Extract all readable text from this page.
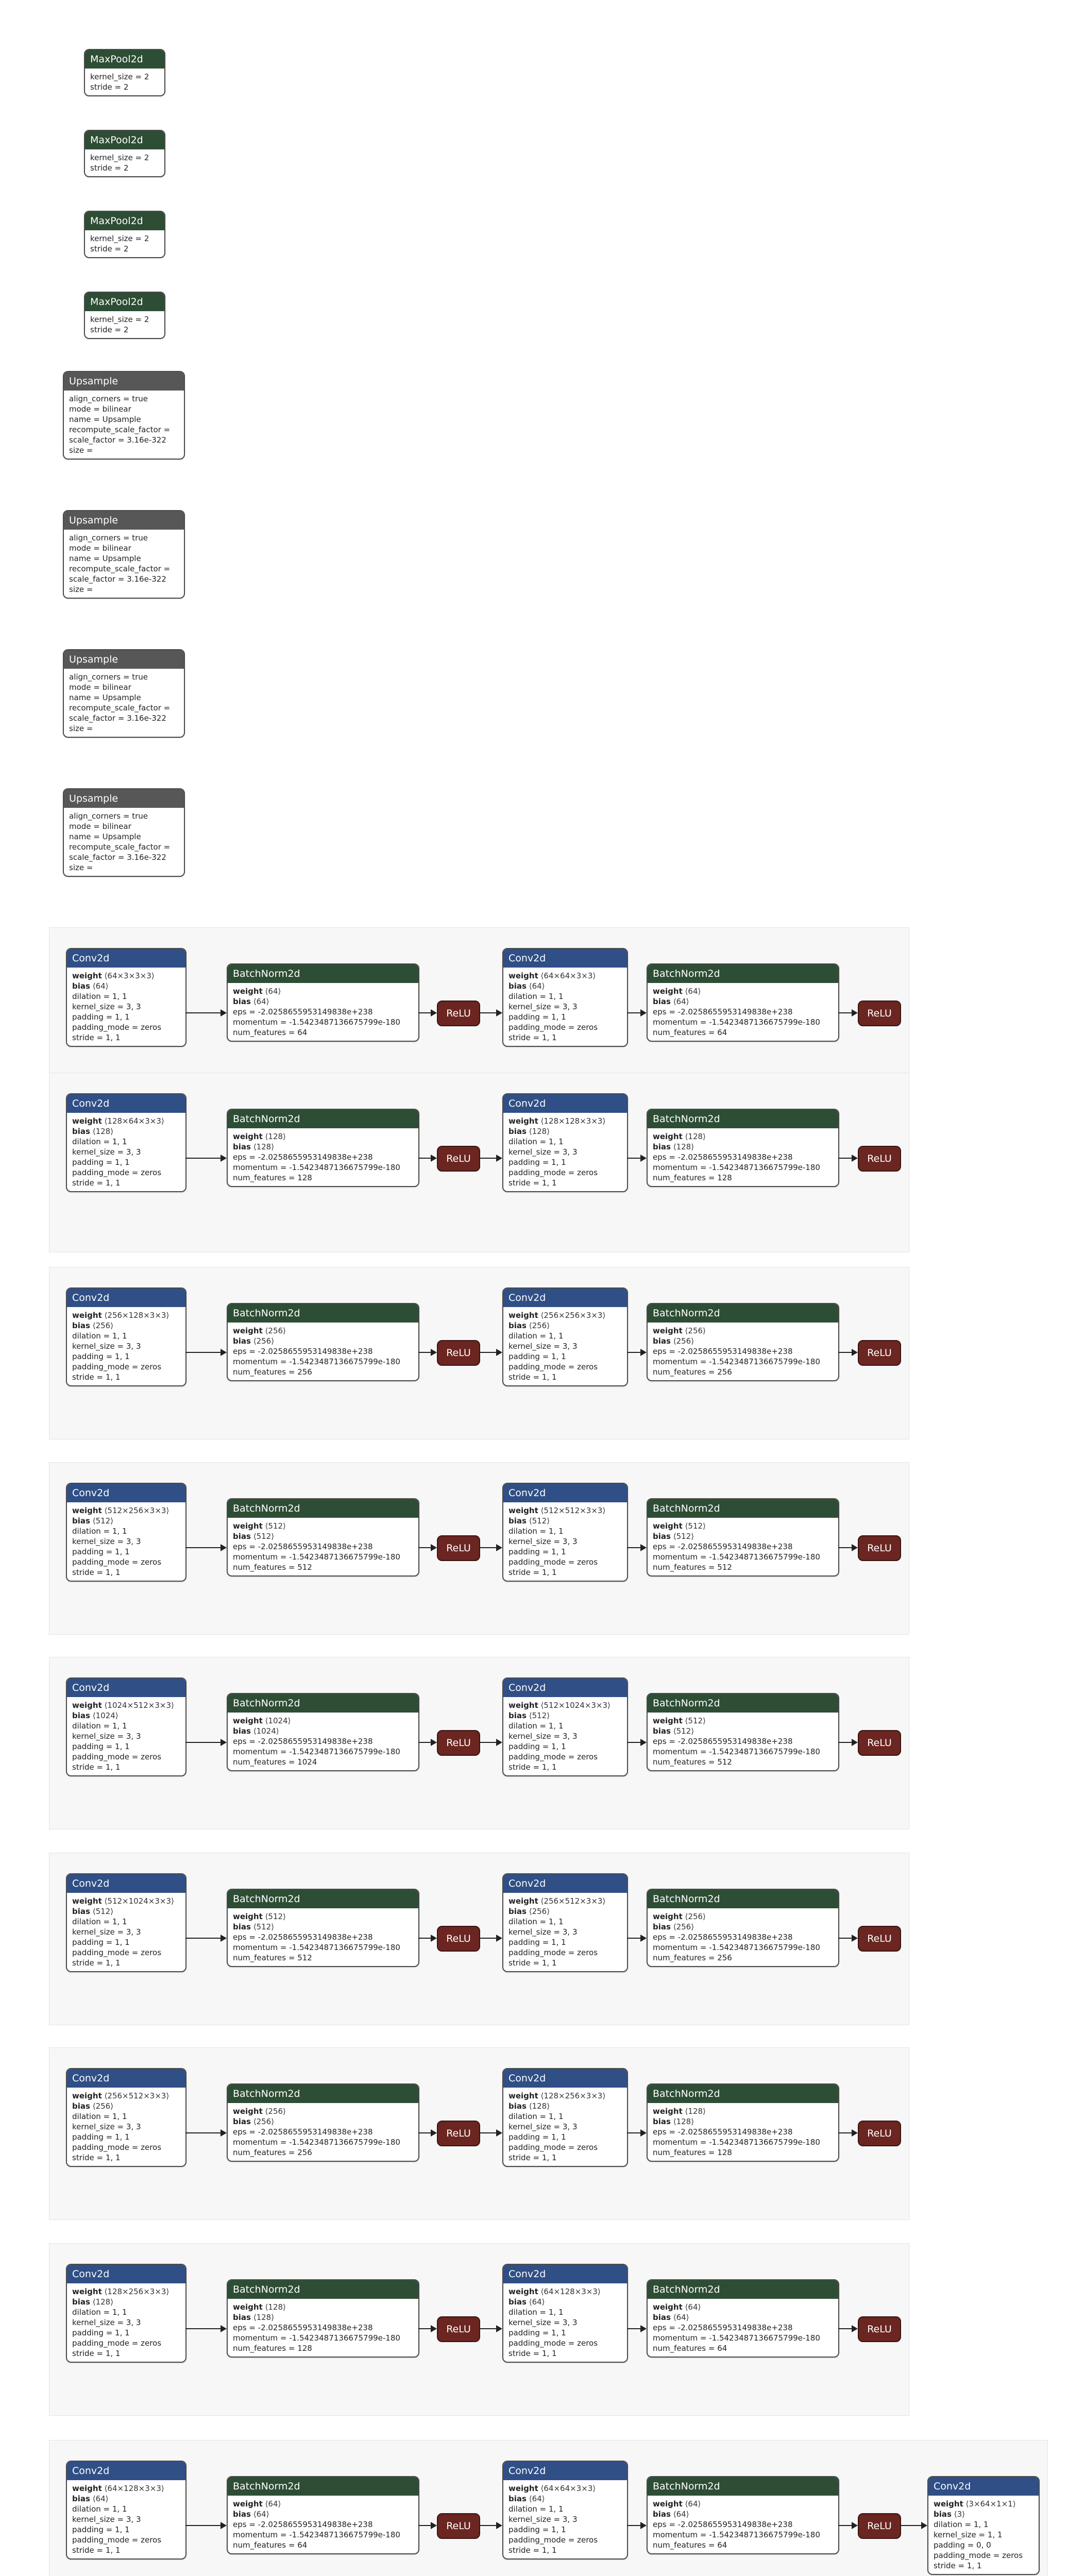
MaxPool2d
kernel_size = 2
stride = 2
MaxPool2d
kernel_size = 2
stride = 2
MaxPool2d
kernel_size = 2
stride = 2
MaxPool2d
kernel_size = 2
stride = 2
Upsample
align_corners = true
mode = bilinear
name = Upsample
recompute_scale_factor =
scale_factor = 3.16e-322
size =
Upsample
align_corners = true
mode = bilinear
name = Upsample
recompute_scale_factor =
scale_factor = 3.16e-322
size =
Upsample
align_corners = true
mode = bilinear
name = Upsample
recompute_scale_factor =
scale_factor = 3.16e-322
size =
Upsample
align_corners = true
mode = bilinear
name = Upsample
recompute_scale_factor =
scale_factor = 3.16e-322
size =
Conv2d
weight ⟨64×3×3×3⟩
bias ⟨64⟩
dilation = 1, 1
kernel_size = 3, 3
padding = 1, 1
padding_mode = zeros
stride = 1, 1
BatchNorm2d
weight ⟨64⟩
bias ⟨64⟩
eps = -2.0258655953149838e+238
momentum = -1.5423487136675799e-180
num_features = 64
Conv2d
weight ⟨64×64×3×3⟩
bias ⟨64⟩
dilation = 1, 1
kernel_size = 3, 3
padding = 1, 1
padding_mode = zeros
stride = 1, 1
BatchNorm2d
weight ⟨64⟩
bias ⟨64⟩
eps = -2.0258655953149838e+238
momentum = -1.5423487136675799e-180
num_features = 64
ReLU	ReLU
Conv2d
weight ⟨128×64×3×3⟩
bias ⟨128⟩
dilation = 1, 1
kernel_size = 3, 3
padding = 1, 1
padding_mode = zeros
stride = 1, 1
BatchNorm2d
weight ⟨128⟩
bias ⟨128⟩
eps = -2.0258655953149838e+238
momentum = -1.5423487136675799e-180
num_features = 128
Conv2d
weight ⟨128×128×3×3⟩
bias ⟨128⟩
dilation = 1, 1
kernel_size = 3, 3
padding = 1, 1
padding_mode = zeros
stride = 1, 1
BatchNorm2d
weight ⟨128⟩
bias ⟨128⟩
eps = -2.0258655953149838e+238
momentum = -1.5423487136675799e-180
num_features = 128
ReLU	ReLU
Conv2d
weight ⟨256×128×3×3⟩
bias ⟨256⟩
dilation = 1, 1
kernel_size = 3, 3
padding = 1, 1
padding_mode = zeros
stride = 1, 1
BatchNorm2d
weight ⟨256⟩
bias ⟨256⟩
eps = -2.0258655953149838e+238
momentum = -1.5423487136675799e-180
num_features = 256
Conv2d
weight ⟨256×256×3×3⟩
bias ⟨256⟩
dilation = 1, 1
kernel_size = 3, 3
padding = 1, 1
padding_mode = zeros
stride = 1, 1
BatchNorm2d
weight ⟨256⟩
bias ⟨256⟩
eps = -2.0258655953149838e+238
momentum = -1.5423487136675799e-180
num_features = 256
ReLU	ReLU
Conv2d
weight ⟨512×256×3×3⟩
bias ⟨512⟩
dilation = 1, 1
kernel_size = 3, 3
padding = 1, 1
padding_mode = zeros
stride = 1, 1
BatchNorm2d
weight ⟨512⟩
bias ⟨512⟩
eps = -2.0258655953149838e+238
momentum = -1.5423487136675799e-180
num_features = 512
Conv2d
weight ⟨512×512×3×3⟩
bias ⟨512⟩
dilation = 1, 1
kernel_size = 3, 3
padding = 1, 1
padding_mode = zeros
stride = 1, 1
BatchNorm2d
weight ⟨512⟩
bias ⟨512⟩
eps = -2.0258655953149838e+238
momentum = -1.5423487136675799e-180
num_features = 512
ReLU	ReLU
Conv2d
weight ⟨1024×512×3×3⟩
bias ⟨1024⟩
dilation = 1, 1
kernel_size = 3, 3
padding = 1, 1
padding_mode = zeros
stride = 1, 1
BatchNorm2d
weight ⟨1024⟩
bias ⟨1024⟩
eps = -2.0258655953149838e+238
momentum = -1.5423487136675799e-180
num_features = 1024
Conv2d
weight ⟨512×1024×3×3⟩
bias ⟨512⟩
dilation = 1, 1
kernel_size = 3, 3
padding = 1, 1
padding_mode = zeros
stride = 1, 1
BatchNorm2d
weight ⟨512⟩
bias ⟨512⟩
eps = -2.0258655953149838e+238
momentum = -1.5423487136675799e-180
num_features = 512
ReLU	ReLU
Conv2d
weight ⟨512×1024×3×3⟩
bias ⟨512⟩
dilation = 1, 1
kernel_size = 3, 3
padding = 1, 1
padding_mode = zeros
stride = 1, 1
BatchNorm2d
weight ⟨512⟩
bias ⟨512⟩
eps = -2.0258655953149838e+238
momentum = -1.5423487136675799e-180
num_features = 512
Conv2d
weight ⟨256×512×3×3⟩
bias ⟨256⟩
dilation = 1, 1
kernel_size = 3, 3
padding = 1, 1
padding_mode = zeros
stride = 1, 1
BatchNorm2d
weight ⟨256⟩
bias ⟨256⟩
eps = -2.0258655953149838e+238
momentum = -1.5423487136675799e-180
num_features = 256
ReLU	ReLU
Conv2d
weight ⟨256×512×3×3⟩
bias ⟨256⟩
dilation = 1, 1
kernel_size = 3, 3
padding = 1, 1
padding_mode = zeros
stride = 1, 1
BatchNorm2d
weight ⟨256⟩
bias ⟨256⟩
eps = -2.0258655953149838e+238
momentum = -1.5423487136675799e-180
num_features = 256
Conv2d
weight ⟨128×256×3×3⟩
bias ⟨128⟩
dilation = 1, 1
kernel_size = 3, 3
padding = 1, 1
padding_mode = zeros
stride = 1, 1
BatchNorm2d
weight ⟨128⟩
bias ⟨128⟩
eps = -2.0258655953149838e+238
momentum = -1.5423487136675799e-180
num_features = 128
ReLU	ReLU
Conv2d
weight ⟨128×256×3×3⟩
bias ⟨128⟩
dilation = 1, 1
kernel_size = 3, 3
padding = 1, 1
padding_mode = zeros
stride = 1, 1
BatchNorm2d
weight ⟨128⟩
bias ⟨128⟩
eps = -2.0258655953149838e+238
momentum = -1.5423487136675799e-180
num_features = 128
Conv2d
weight ⟨64×128×3×3⟩
bias ⟨64⟩
dilation = 1, 1
kernel_size = 3, 3
padding = 1, 1
padding_mode = zeros
stride = 1, 1
BatchNorm2d
weight ⟨64⟩
bias ⟨64⟩
eps = -2.0258655953149838e+238
momentum = -1.5423487136675799e-180
num_features = 64
ReLU	ReLU
Conv2d
weight ⟨64×128×3×3⟩
bias ⟨64⟩
dilation = 1, 1
kernel_size = 3, 3
padding = 1, 1
padding_mode = zeros
stride = 1, 1
BatchNorm2d
weight ⟨64⟩
bias ⟨64⟩
eps = -2.0258655953149838e+238
momentum = -1.5423487136675799e-180
num_features = 64
Conv2d
weight ⟨64×64×3×3⟩
bias ⟨64⟩
dilation = 1, 1
kernel_size = 3, 3
padding = 1, 1
padding_mode = zeros
stride = 1, 1
BatchNorm2d
weight ⟨64⟩
bias ⟨64⟩
eps = -2.0258655953149838e+238
momentum = -1.5423487136675799e-180
num_features = 64
ReLU	ReLU
Conv2d
weight ⟨3×64×1×1⟩
bias ⟨3⟩
dilation = 1, 1
kernel_size = 1, 1
padding = 0, 0
padding_mode = zeros
stride = 1, 1
